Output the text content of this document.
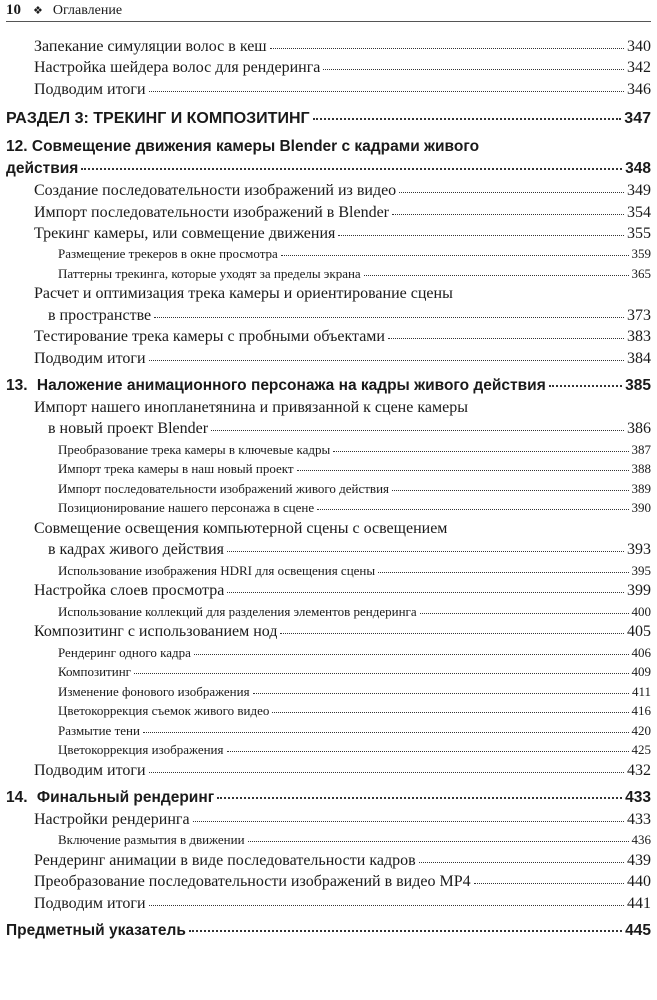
10 ❖ Оглавление
Запекание симуляции волос в кеш	340
Настройка шейдера волос для рендеринга	342
Подводим итоги	346
РАЗДЕЛ 3: ТРЕКИНГ И КОМПОЗИТИНГ	347
12. Совмещение движения камеры Blender с кадрами живого
действия	348
Создание последовательности изображений из видео	349
Импорт последовательности изображений в Blender	354
Трекинг камеры, или совмещение движения	355
Размещение трекеров в окне просмотра	359
Паттерны трекинга, которые уходят за пределы экрана	365
Расчет и оптимизация трека камеры и ориентирование сцены
в пространстве	373
Тестирование трека камеры с пробными объектами	383
Подводим итоги	384
13. Наложение анимационного персонажа на кадры живого действия	385
Импорт нашего инопланетянина и привязанной к сцене камеры
в новый проект Blender	386
Преобразование трека камеры в ключевые кадры	387
Импорт трека камеры в наш новый проект	388
Импорт последовательности изображений живого действия	389
Позиционирование нашего персонажа в сцене	390
Совмещение освещения компьютерной сцены с освещением
в кадрах живого действия	393
Использование изображения HDRI для освещения сцены	395
Настройка слоев просмотра	399
Использование коллекций для разделения элементов рендеринга	400
Композитинг с использованием нод	405
Рендеринг одного кадра	406
Композитинг	409
Изменение фонового изображения	411
Цветокоррекция съемок живого видео	416
Размытие тени	420
Цветокоррекция изображения	425
Подводим итоги	432
14. Финальный рендеринг	433
Настройки рендеринга	433
Включение размытия в движении	436
Рендеринг анимации в виде последовательности кадров	439
Преобразование последовательности изображений в видео MP4	440
Подводим итоги	441
Предметный указатель	445
